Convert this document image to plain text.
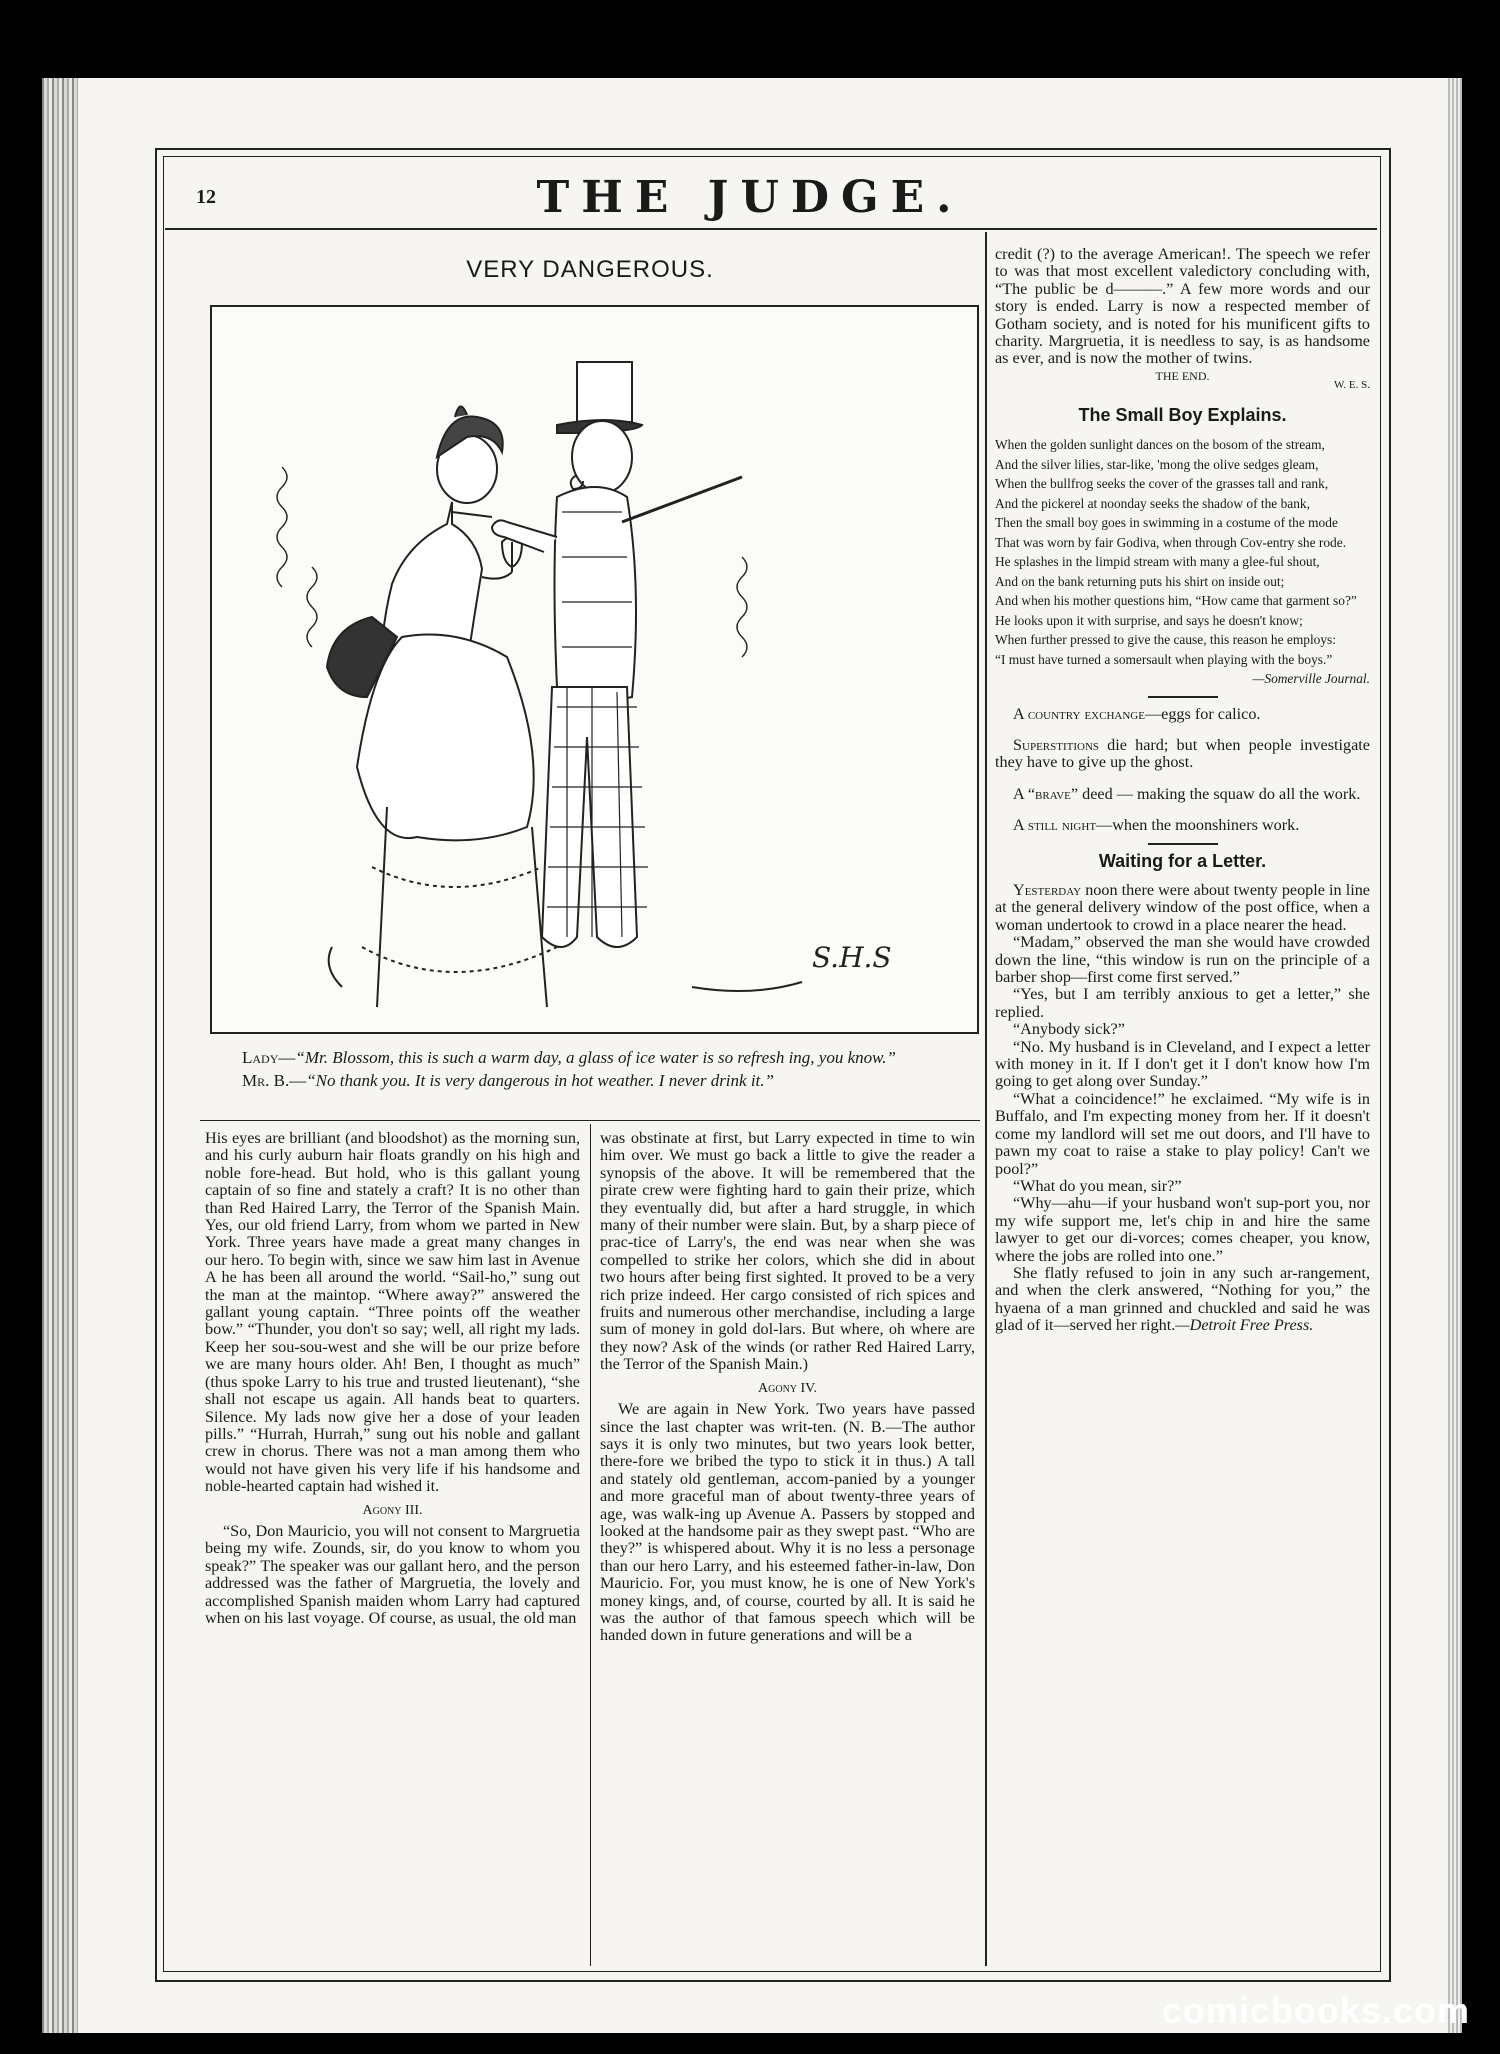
12	THE JUDGE.
VERY DANGEROUS.
S.H.S
Lady—“Mr. Blossom, this is such a warm day, a glass of ice water is so refresh ing, you know.”
Mr. B.—“No thank you. It is very dangerous in hot weather. I never drink it.”

His eyes are brilliant (and bloodshot) as the morning sun, and his curly auburn hair floats grandly on his high and noble fore-head. But hold, who is this gallant young captain of so fine and stately a craft? It is no other than than Red Haired Larry, the Terror of the Spanish Main. Yes, our old friend Larry, from whom we parted in New York. Three years have made a great many changes in our hero. To begin with, since we saw him last in Avenue A he has been all around the world. “Sail-ho,” sung out the man at the maintop. “Where away?” answered the gallant young captain. “Three points off the weather bow.” “Thunder, you don't so say; well, all right my lads. Keep her sou-sou-west and she will be our prize before we are many hours older. Ah! Ben, I thought as much” (thus spoke Larry to his true and trusted lieutenant), “she shall not escape us again. All hands beat to quarters. Silence. My lads now give her a dose of your leaden pills.” “Hurrah, Hurrah,” sung out his noble and gallant crew in chorus. There was not a man among them who would not have given his very life if his handsome and noble-hearted captain had wished it.

Agony III.

“So, Don Mauricio, you will not consent to Margruetia being my wife. Zounds, sir, do you know to whom you speak?” The speaker was our gallant hero, and the person addressed was the father of Margruetia, the lovely and accomplished Spanish maiden whom Larry had captured when on his last voyage. Of course, as usual, the old man

was obstinate at first, but Larry expected in time to win him over. We must go back a little to give the reader a synopsis of the above. It will be remembered that the pirate crew were fighting hard to gain their prize, which they eventually did, but after a hard struggle, in which many of their number were slain. But, by a sharp piece of prac-tice of Larry's, the end was near when she was compelled to strike her colors, which she did in about two hours after being first sighted. It proved to be a very rich prize indeed. Her cargo consisted of rich spices and fruits and numerous other merchandise, including a large sum of money in gold dol-lars. But where, oh where are they now? Ask of the winds (or rather Red Haired Larry, the Terror of the Spanish Main.)

Agony IV.

We are again in New York. Two years have passed since the last chapter was writ-ten. (N. B.—The author says it is only two minutes, but two years look better, there-fore we bribed the typo to stick it in thus.) A tall and stately old gentleman, accom-panied by a younger and more graceful man of about twenty-three years of age, was walk-ing up Avenue A. Passers by stopped and looked at the handsome pair as they swept past. “Who are they?” is whispered about. Why it is no less a personage than our hero Larry, and his esteemed father-in-law, Don Mauricio. For, you must know, he is one of New York's money kings, and, of course, courted by all. It is said he was the author of that famous speech which will be handed down in future generations and will be a

credit (?) to the average American!. The speech we refer to was that most excellent valedictory concluding with, “The public be d———.” A few more words and our story is ended. Larry is now a respected member of Gotham society, and is noted for his munificent gifts to charity. Margruetia, it is needless to say, is as handsome as ever, and is now the mother of twins.

THE END.
W. E. S.
The Small Boy Explains.
When the golden sunlight dances on the bosom of the stream,
And the silver lilies, star-like, 'mong the olive sedges gleam,
When the bullfrog seeks the cover of the grasses tall and rank,
And the pickerel at noonday seeks the shadow of the bank,
Then the small boy goes in swimming in a costume of the mode
That was worn by fair Godiva, when through Cov-entry she rode.
He splashes in the limpid stream with many a glee-ful shout,
And on the bank returning puts his shirt on inside out;
And when his mother questions him, “How came that garment so?”
He looks upon it with surprise, and says he doesn't know;
When further pressed to give the cause, this reason he employs:
“I must have turned a somersault when playing with the boys.”
—Somerville Journal.

A country exchange—eggs for calico.

Superstitions die hard; but when people investigate they have to give up the ghost.

A “brave” deed — making the squaw do all the work.

A still night—when the moonshiners work.

Waiting for a Letter.

Yesterday noon there were about twenty people in line at the general delivery window of the post office, when a woman undertook to crowd in a place nearer the head.

“Madam,” observed the man she would have crowded down the line, “this window is run on the principle of a barber shop—first come first served.”

“Yes, but I am terribly anxious to get a letter,” she replied.

“Anybody sick?”

“No. My husband is in Cleveland, and I expect a letter with money in it. If I don't get it I don't know how I'm going to get along over Sunday.”

“What a coincidence!” he exclaimed. “My wife is in Buffalo, and I'm expecting money from her. If it doesn't come my landlord will set me out doors, and I'll have to pawn my coat to raise a stake to play policy! Can't we pool?”

“What do you mean, sir?”

“Why—ahu—if your husband won't sup-port you, nor my wife support me, let's chip in and hire the same lawyer to get our di-vorces; comes cheaper, you know, where the jobs are rolled into one.”

She flatly refused to join in any such ar-rangement, and when the clerk answered, “Nothing for you,” the hyaena of a man grinned and chuckled and said he was glad of it—served her right.—Detroit Free Press.

comicbooks.com
